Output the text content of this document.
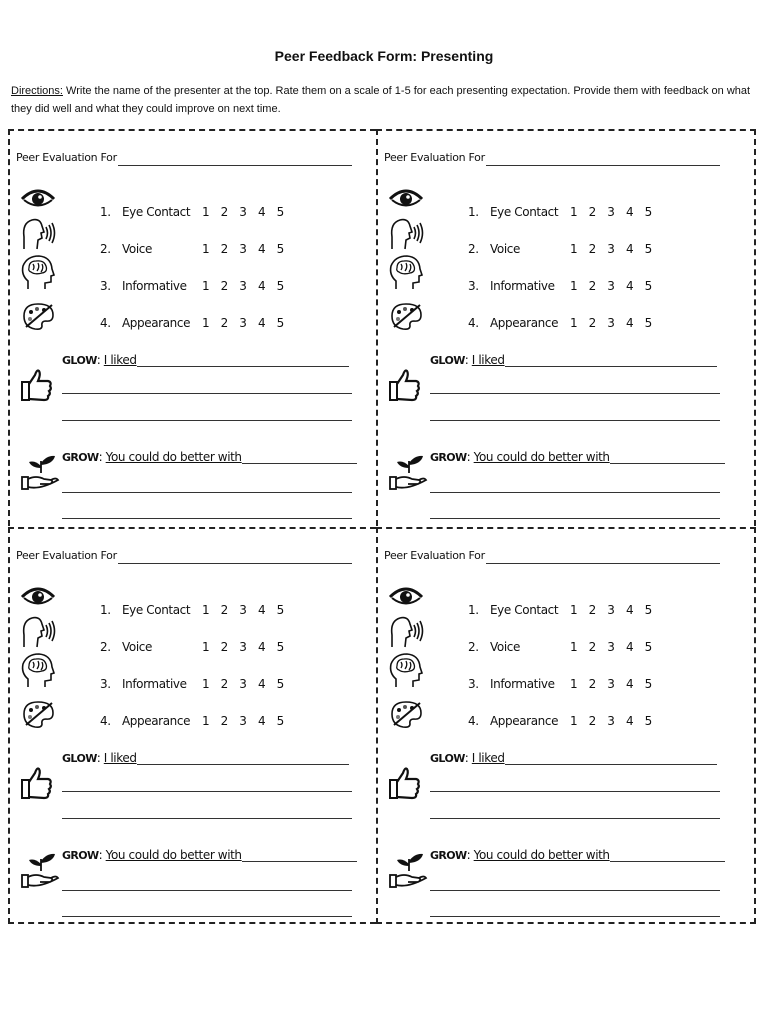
Peer Feedback Form: Presenting
Directions: Write the name of the presenter at the top. Rate them on a scale of 1-5 for each presenting expectation. Provide them with feedback on what they did well and what they could improve on next time.
Peer Evaluation For
1. Eye Contact 1 2 3 4 5
2. Voice	1 2 3 4 5
3. Informative 1 2 3 4 5
4. Appearance 1 2 3 4 5
GLOW: I liked
GROW: You could do better with
Peer Evaluation For
1. Eye Contact 1 2 3 4 5
2. Voice	1 2 3 4 5
3. Informative 1 2 3 4 5
4. Appearance 1 2 3 4 5
GLOW: I liked
GROW: You could do better with
Peer Evaluation For
1. Eye Contact 1 2 3 4 5
2. Voice	1 2 3 4 5
3. Informative 1 2 3 4 5
4. Appearance 1 2 3 4 5
GLOW: I liked
GROW: You could do better with
Peer Evaluation For
1. Eye Contact 1 2 3 4 5
2. Voice	1 2 3 4 5
3. Informative 1 2 3 4 5
4. Appearance 1 2 3 4 5
GLOW: I liked
GROW: You could do better with
